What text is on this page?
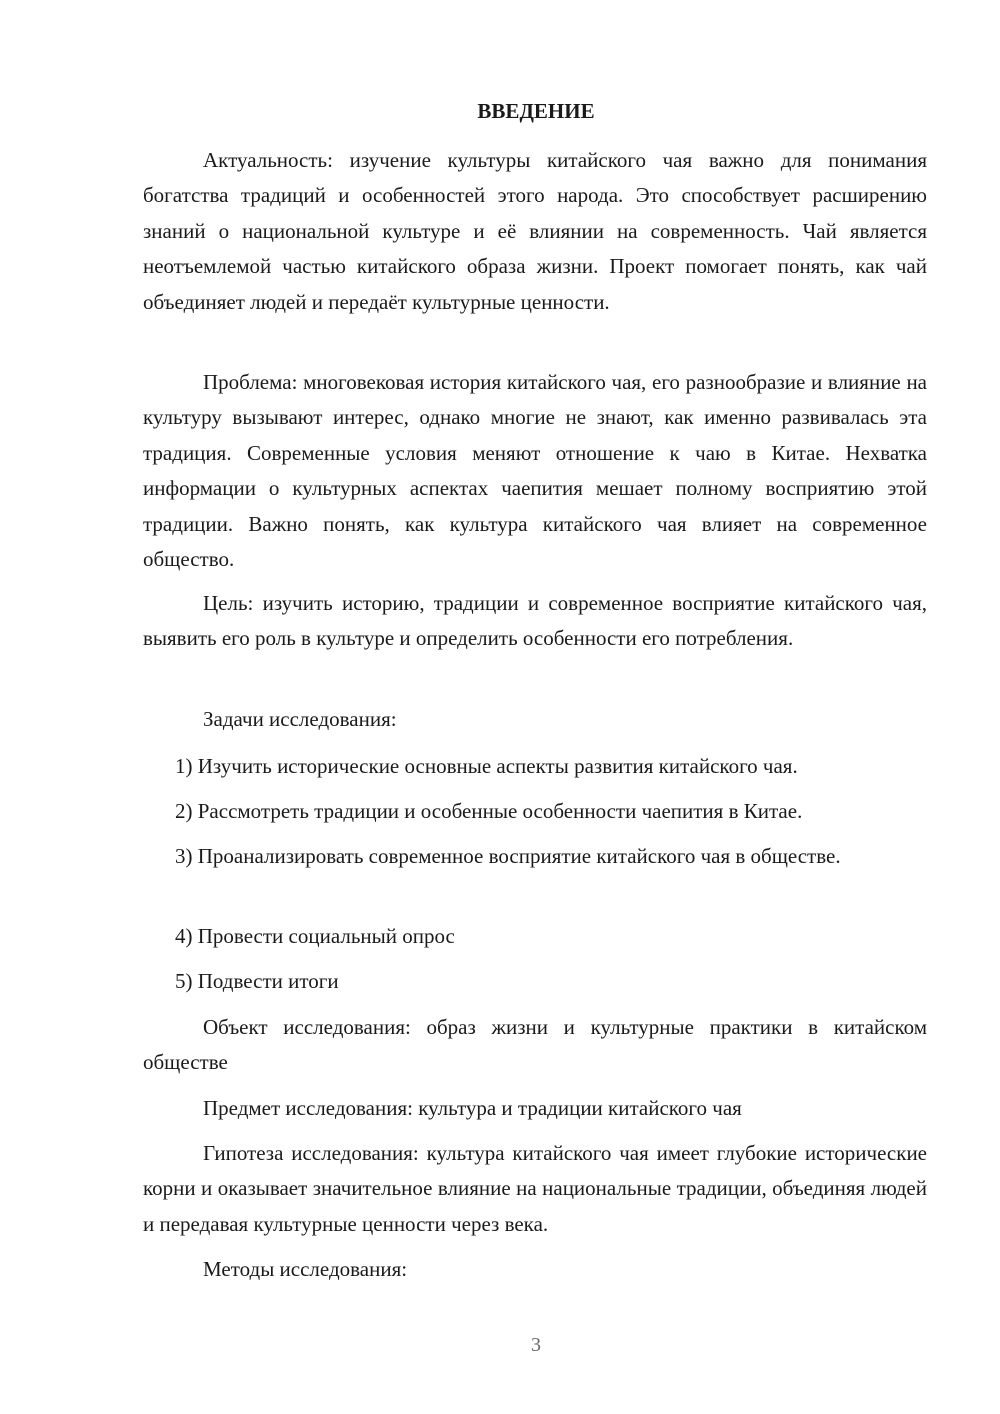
ВВЕДЕНИЕ

Актуальность: изучение культуры китайского чая важно для понимания богатства традиций и особенностей этого народа. Это способствует расширению знаний о национальной культуре и её влиянии на современность. Чай является неотъемлемой частью китайского образа жизни. Проект помогает понять, как чай объединяет людей и передаёт культурные ценности.

Проблема: многовековая история китайского чая, его разнообразие и влияние на культуру вызывают интерес, однако многие не знают, как именно развивалась эта традиция. Современные условия меняют отношение к чаю в Китае. Нехватка информации о культурных аспектах чаепития мешает полному восприятию этой традиции. Важно понять, как культура китайского чая влияет на современное общество.

Цель: изучить историю, традиции и современное восприятие китайского чая, выявить его роль в культуре и определить особенности его потребления.

Задачи исследования:

1) Изучить исторические основные аспекты развития китайского чая.

2) Рассмотреть традиции и особенные особенности чаепития в Китае.

3) Проанализировать современное восприятие китайского чая в обществе.

4) Провести социальный опрос

5) Подвести итоги

Объект исследования: образ жизни и культурные практики в китайском обществе

Предмет исследования: культура и традиции китайского чая

Гипотеза исследования: культура китайского чая имеет глубокие исторические корни и оказывает значительное влияние на национальные традиции, объединяя людей и передавая культурные ценности через века.

Методы исследования:

3
